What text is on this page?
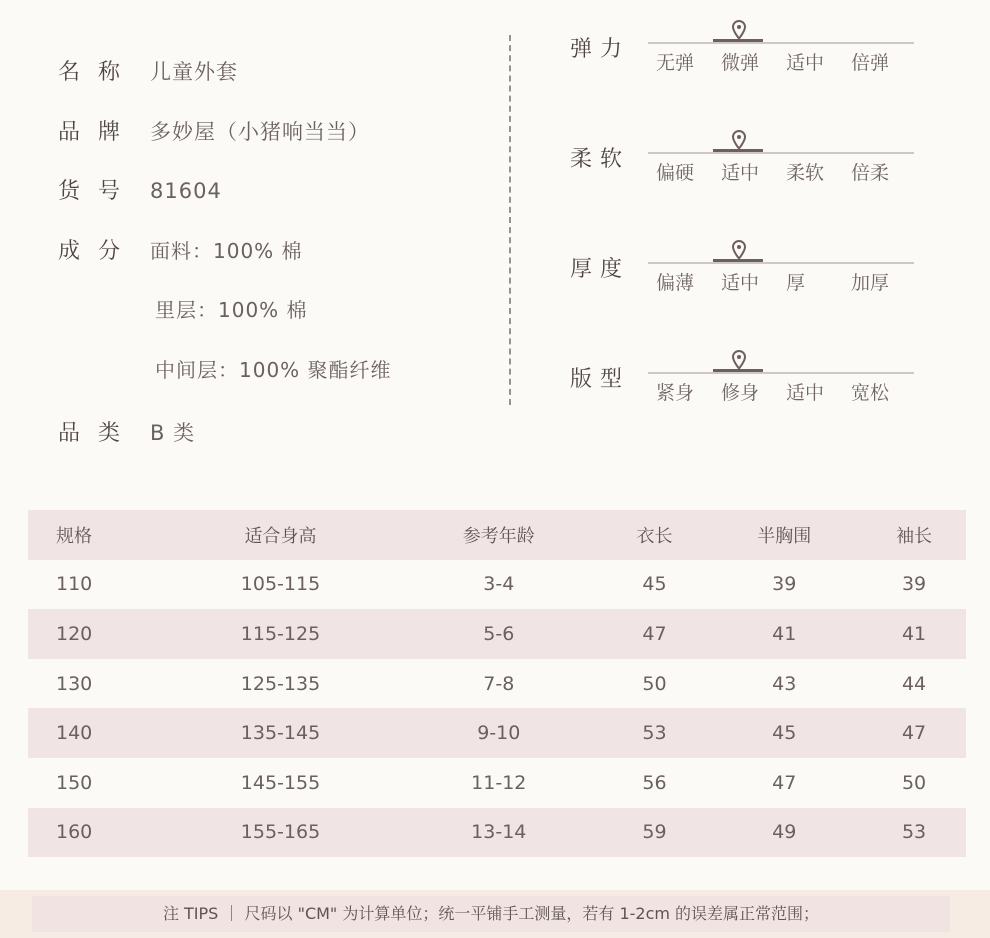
名称 儿童外套
品牌 多妙屋（小猪响当当）
货号 81604
成分 面料：100% 棉
里层：100% 棉
中间层：100% 聚酯纤维
品类 B 类
弹力
无弹	微弹	适中	倍弹
柔软
偏硬	适中	柔软	倍柔
厚度
偏薄	适中	厚	加厚
版型
紧身	修身	适中	宽松
规格	适合身高	参考年龄	衣长	半胸围	袖长
110	105-115	3-4	45	39	39
120	115-125	5-6	47	41	41
130	125-135	7-8	50	43	44
140	135-145	9-10	53	45	47
150	145-155	11-12	56	47	50
160	155-165	13-14	59	49	53
注 TIPS ｜ 尺码以 "CM" 为计算单位；统一平铺手工测量，若有 1-2cm 的误差属正常范围；
